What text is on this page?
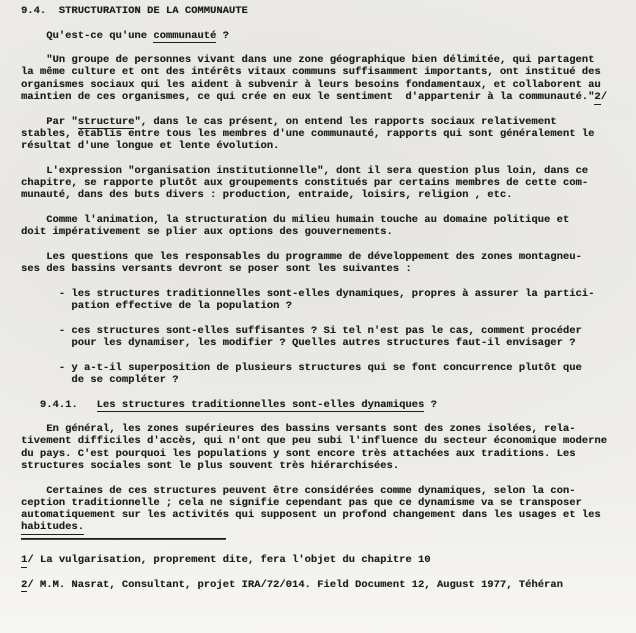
9.4.  STRUCTURATION DE LA COMMUNAUTE
Qu'est-ce qu'une communauté ?
"Un groupe de personnes vivant dans une zone géographique bien délimitée, qui partagent
la même culture et ont des intérêts vitaux communs suffisamment importants, ont institué des
organismes sociaux qui les aident à subvenir à leurs besoins fondamentaux, et collaborent au
maintien de ces organismes, ce qui crée en eux le sentiment  d'appartenir à la communauté."2/
Par "structure", dans le cas présent, on entend les rapports sociaux relativement
stables, établis entre tous les membres d'une communauté, rapports qui sont généralement le
résultat d'une longue et lente évolution.
L'expression "organisation institutionnelle", dont il sera question plus loin, dans ce
chapitre, se rapporte plutôt aux groupements constitués par certains membres de cette com-
munauté, dans des buts divers : production, entraide, loisirs, religion , etc.
Comme l'animation, la structuration du milieu humain touche au domaine politique et
doit impérativement se plier aux options des gouvernements.
Les questions que les responsables du programme de développement des zones montagneu-
ses des bassins versants devront se poser sont les suivantes :
- les structures traditionnelles sont-elles dynamiques, propres à assurer la partici-
pation effective de la population ?
- ces structures sont-elles suffisantes ? Si tel n'est pas le cas, comment procéder
pour les dynamiser, les modifier ? Quelles autres structures faut-il envisager ?
- y a-t-il superposition de plusieurs structures qui se font concurrence plutôt que
de se compléter ?
9.4.1.   Les structures traditionnelles sont-elles dynamiques ?
En général, les zones supérieures des bassins versants sont des zones isolées, rela-
tivement difficiles d'accès, qui n'ont que peu subi l'influence du secteur économique moderne
du pays. C'est pourquoi les populations y sont encore très attachées aux traditions. Les
structures sociales sont le plus souvent très hiérarchisées.
Certaines de ces structures peuvent être considérées comme dynamiques, selon la con-
ception traditionnelle ; cela ne signifie cependant pas que ce dynamisme va se transposer
automatiquement sur les activités qui supposent un profond changement dans les usages et les
habitudes.
1/ La vulgarisation, proprement dite, fera l'objet du chapitre 10
2/ M.M. Nasrat, Consultant, projet IRA/72/014. Field Document 12, August 1977, Téhéran
